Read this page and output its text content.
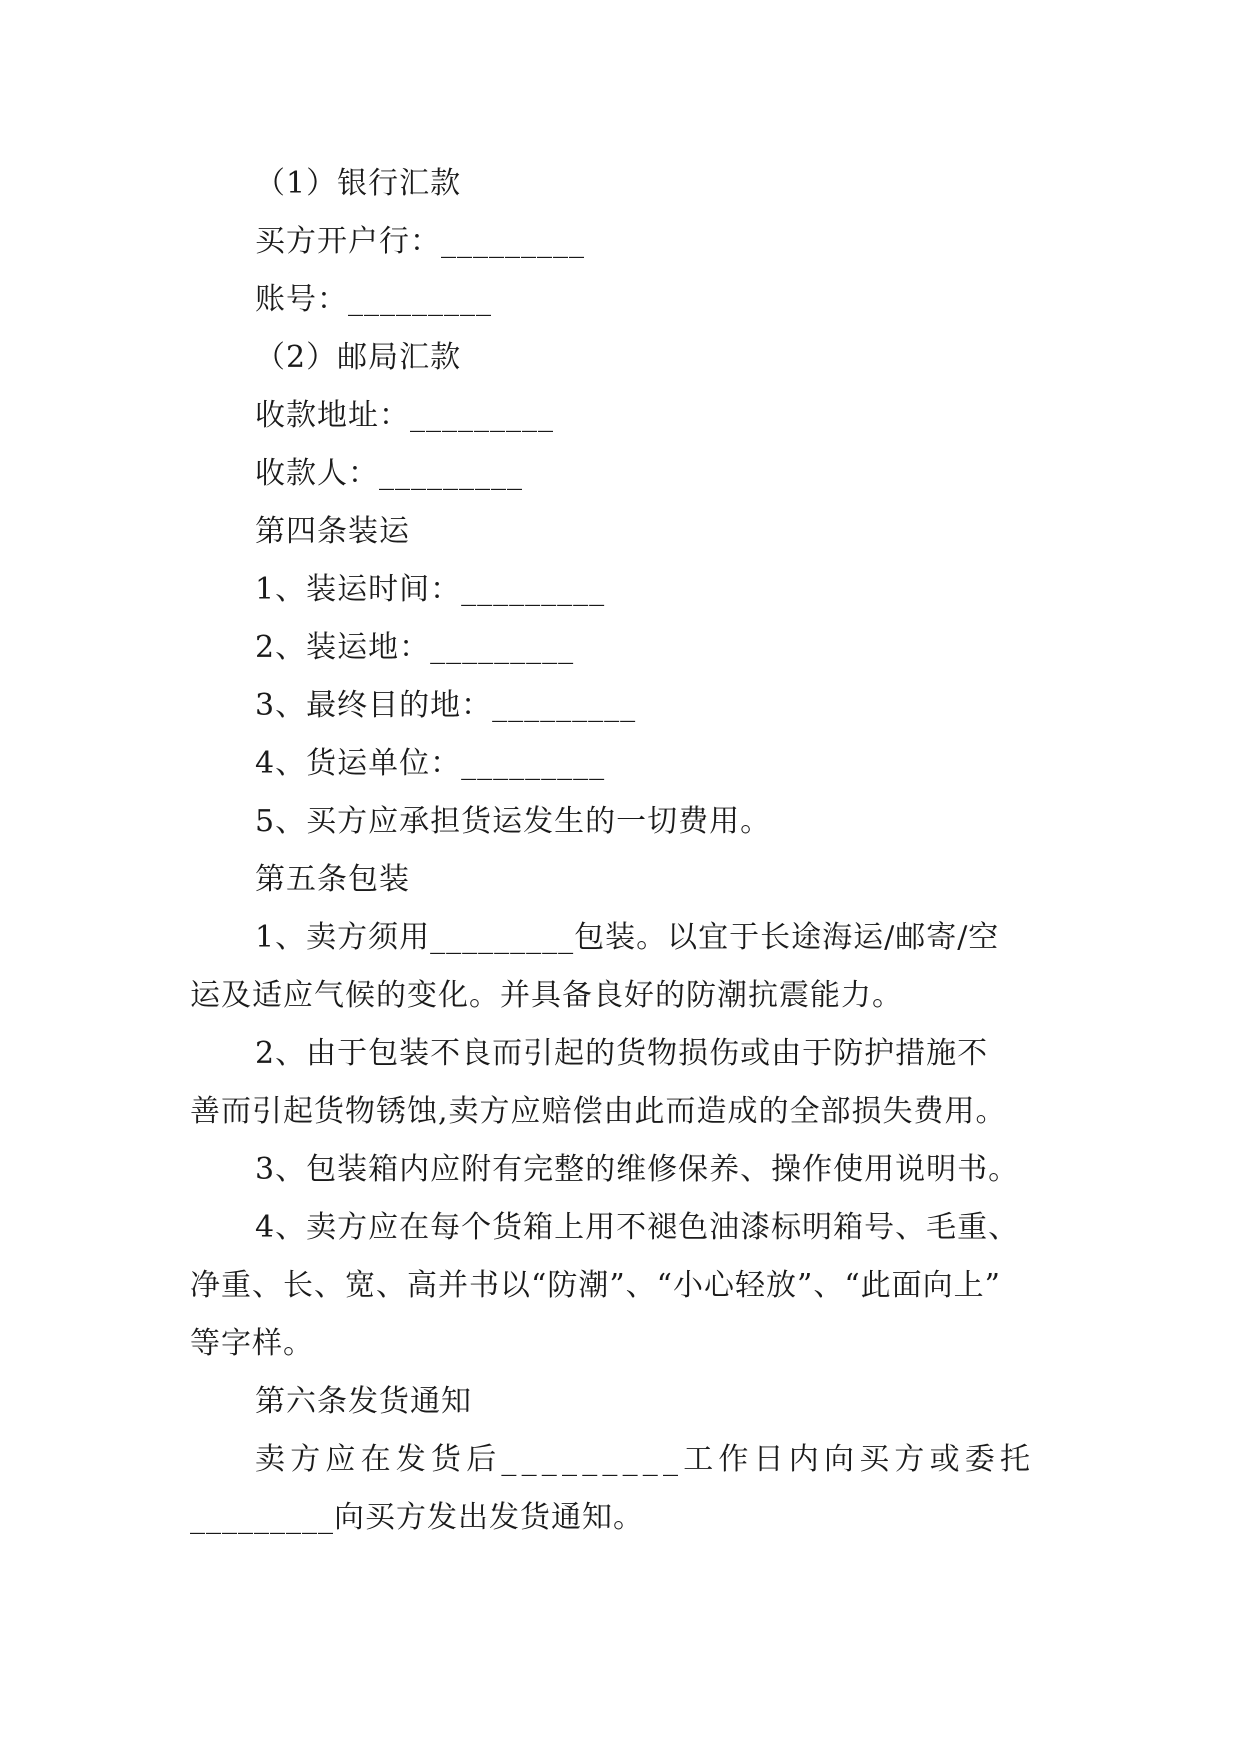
（1）银行汇款
买方开户行：_________
账号：_________
（2）邮局汇款
收款地址：_________
收款人：_________
第四条装运
1、装运时间：_________
2、装运地：_________
3、最终目的地：_________
4、货运单位：_________
5、买方应承担货运发生的一切费用。
第五条包装
1、卖方须用_________包装。以宜于长途海运/邮寄/空
运及适应气候的变化。并具备良好的防潮抗震能力。
2、由于包装不良而引起的货物损伤或由于防护措施不
善而引起货物锈蚀,卖方应赔偿由此而造成的全部损失费用。
3、包装箱内应附有完整的维修保养、操作使用说明书。
4、卖方应在每个货箱上用不褪色油漆标明箱号、毛重、
净重、长、宽、高并书以“防潮”、“小心轻放”、“此面向上”
等字样。
第六条发货通知
卖方应在发货后_________工作日内向买方或委托
_________向买方发出发货通知。
